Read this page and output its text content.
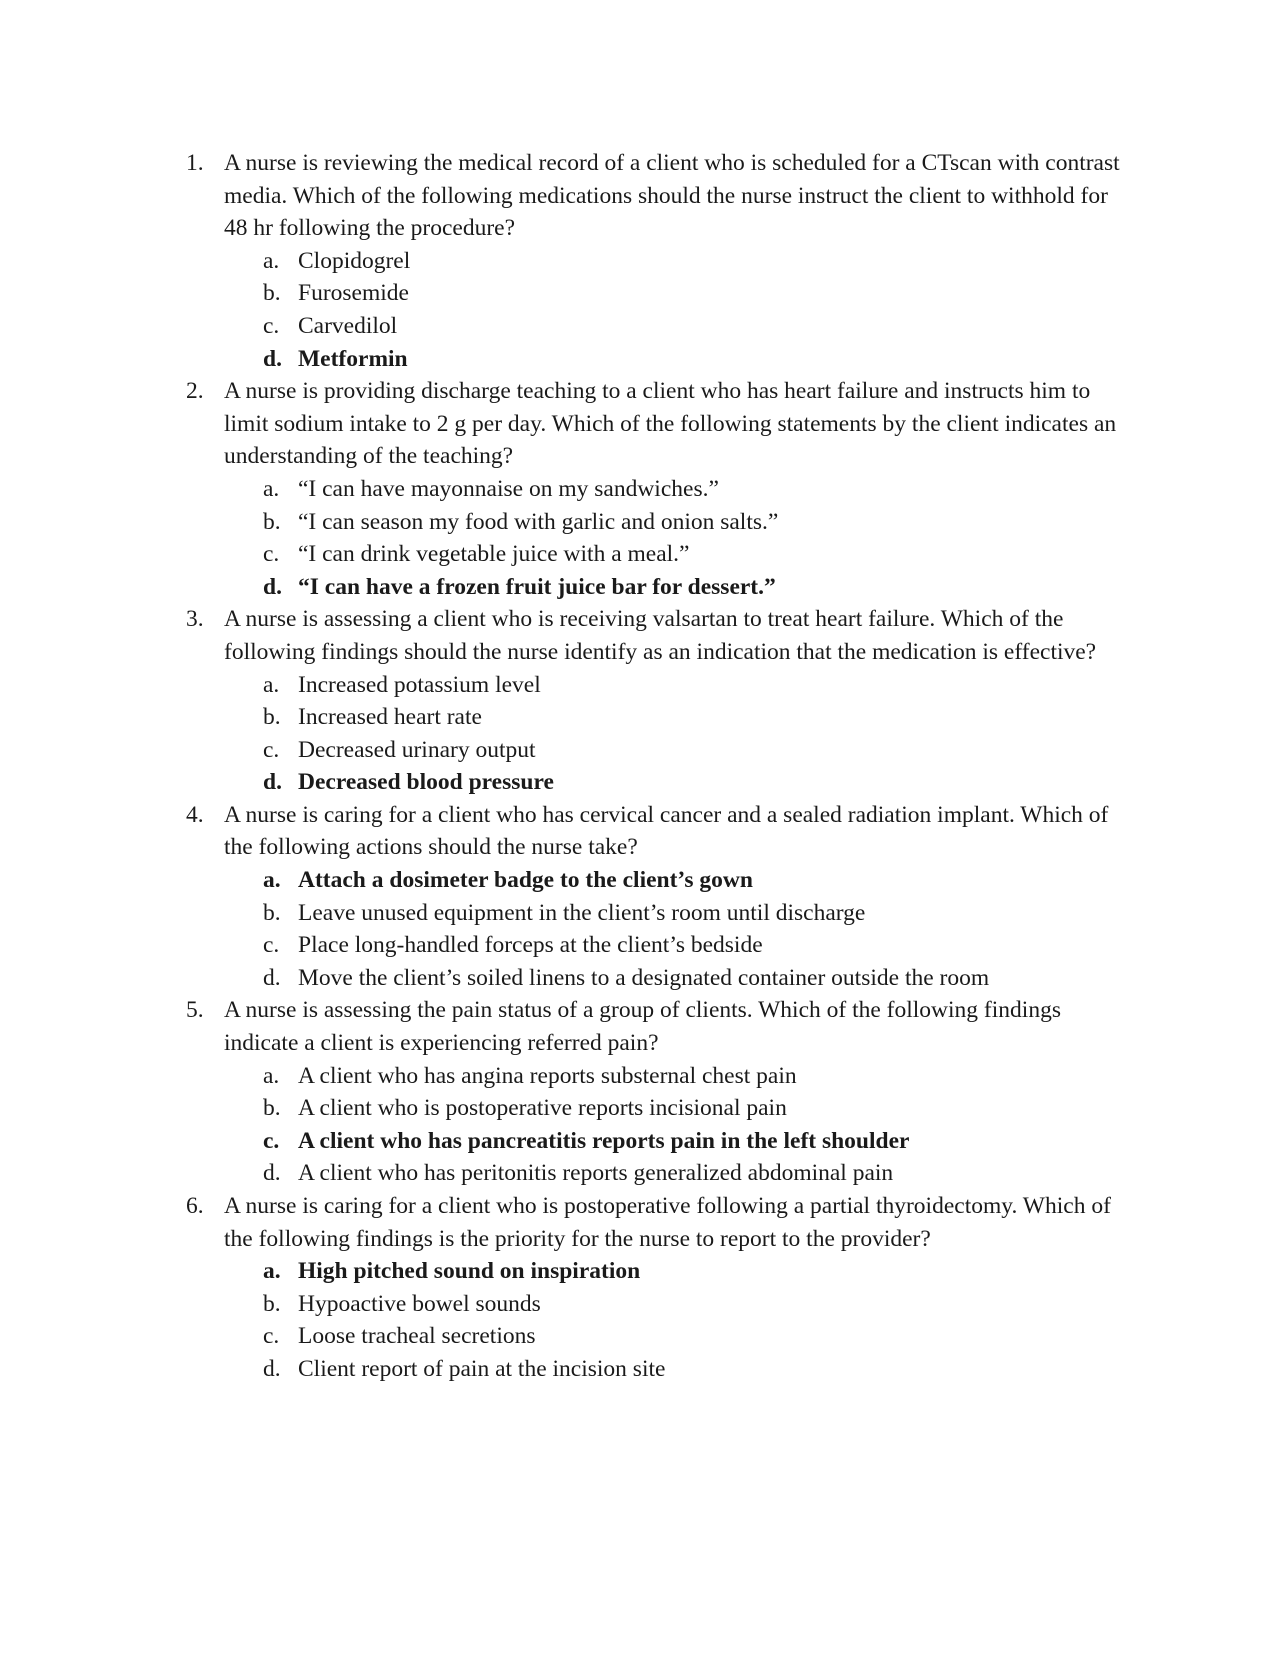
1. A nurse is reviewing the medical record of a client who is scheduled for a CTscan with contrast media. Which of the following medications should the nurse instruct the client to withhold for 48 hr following the procedure?
a. Clopidogrel
b. Furosemide
c. Carvedilol
d. Metformin
2. A nurse is providing discharge teaching to a client who has heart failure and instructs him to limit sodium intake to 2 g per day. Which of the following statements by the client indicates an understanding of the teaching?
a. “I can have mayonnaise on my sandwiches.”
b. “I can season my food with garlic and onion salts.”
c. “I can drink vegetable juice with a meal.”
d. “I can have a frozen fruit juice bar for dessert.”
3. A nurse is assessing a client who is receiving valsartan to treat heart failure. Which of the following findings should the nurse identify as an indication that the medication is effective?
a. Increased potassium level
b. Increased heart rate
c. Decreased urinary output
d. Decreased blood pressure
4. A nurse is caring for a client who has cervical cancer and a sealed radiation implant. Which of the following actions should the nurse take?
a. Attach a dosimeter badge to the client’s gown
b. Leave unused equipment in the client’s room until discharge
c. Place long-handled forceps at the client’s bedside
d. Move the client’s soiled linens to a designated container outside the room
5. A nurse is assessing the pain status of a group of clients. Which of the following findings indicate a client is experiencing referred pain?
a. A client who has angina reports substernal chest pain
b. A client who is postoperative reports incisional pain
c. A client who has pancreatitis reports pain in the left shoulder
d. A client who has peritonitis reports generalized abdominal pain
6. A nurse is caring for a client who is postoperative following a partial thyroidectomy. Which of the following findings is the priority for the nurse to report to the provider?
a. High pitched sound on inspiration
b. Hypoactive bowel sounds
c. Loose tracheal secretions
d. Client report of pain at the incision site
